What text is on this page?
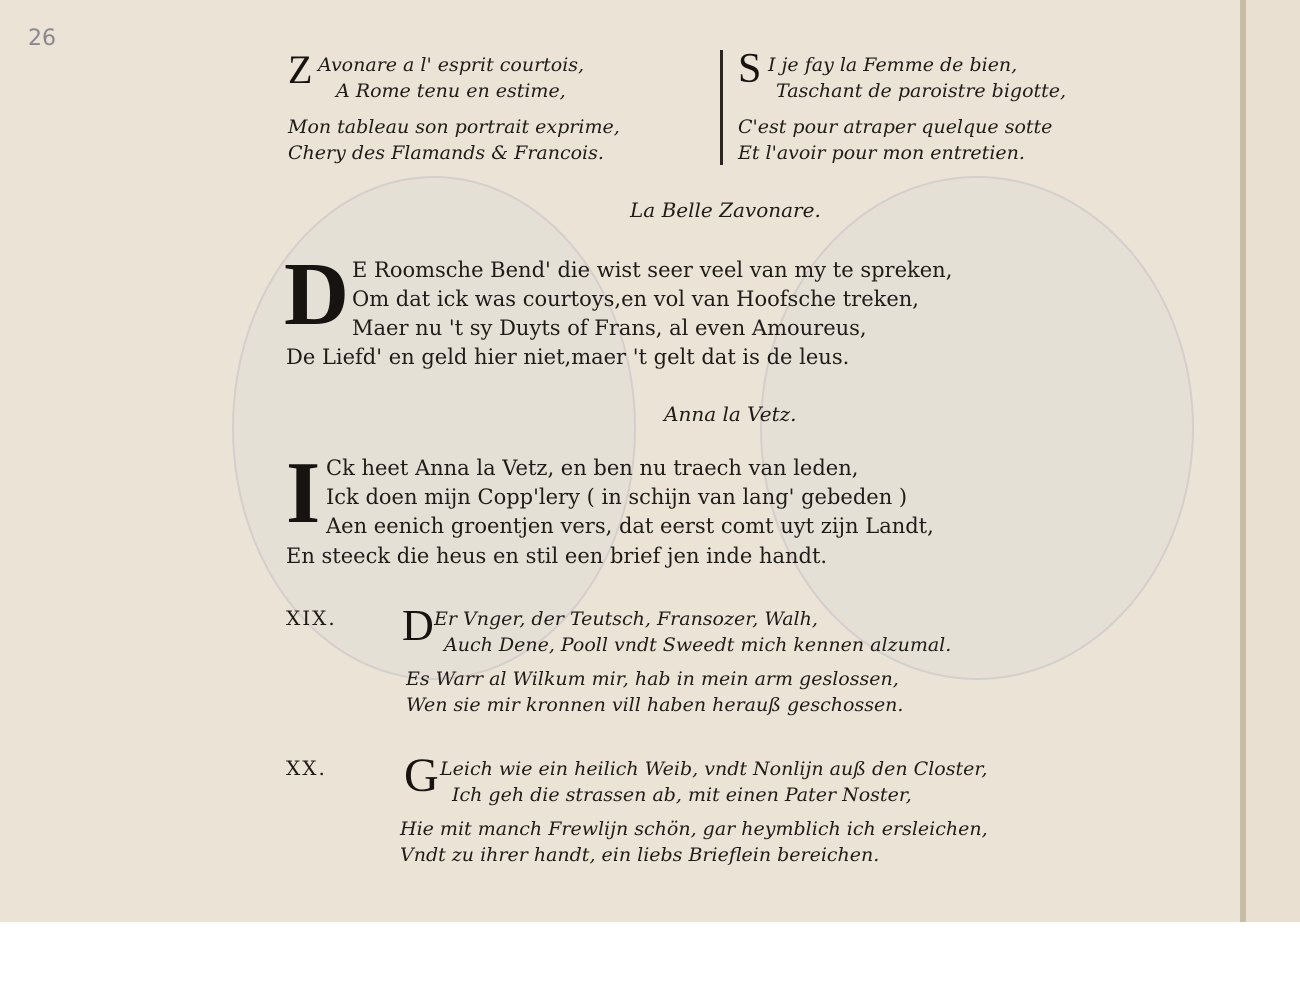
26
Z Avonare a l' esprit courtois,
A Rome tenu en estime,
Mon tableau son portrait exprime,
Chery des Flamands & Francois.
S I je fay la Femme de bien,
Taschant de paroistre bigotte,
C'est pour atraper quelque sotte
Et l'avoir pour mon entretien.
La Belle Zavonare.
D E Roomsche Bend' die wist seer veel van my te spreken,
Om dat ick was courtoys,en vol van Hoofsche treken,
Maer nu 't sy Duyts of Frans, al even Amoureus,
De Liefd' en geld hier niet,maer 't gelt dat is de leus.
Anna la Vetz.
I Ck heet Anna la Vetz, en ben nu traech van leden,
Ick doen mijn Copp'lery ( in schijn van lang' gebeden )
Aen eenich groentjen vers, dat eerst comt uyt zijn Landt,
En steeck die heus en stil een brief jen inde handt.
XIX. D Er Vnger, der Teutsch, Fransozer, Walh,
Auch Dene, Pooll vndt Sweedt mich kennen alzumal.
Es Warr al Wilkum mir, hab in mein arm geslossen,
Wen sie mir kronnen vill haben herauß geschossen.
XX. G Leich wie ein heilich Weib, vndt Nonlijn auß den Closter,
Ich geh die strassen ab, mit einen Pater Noster,
Hie mit manch Frewlijn schön, gar heymblich ich ersleichen,
Vndt zu ihrer handt, ein liebs Brieflein bereichen.
